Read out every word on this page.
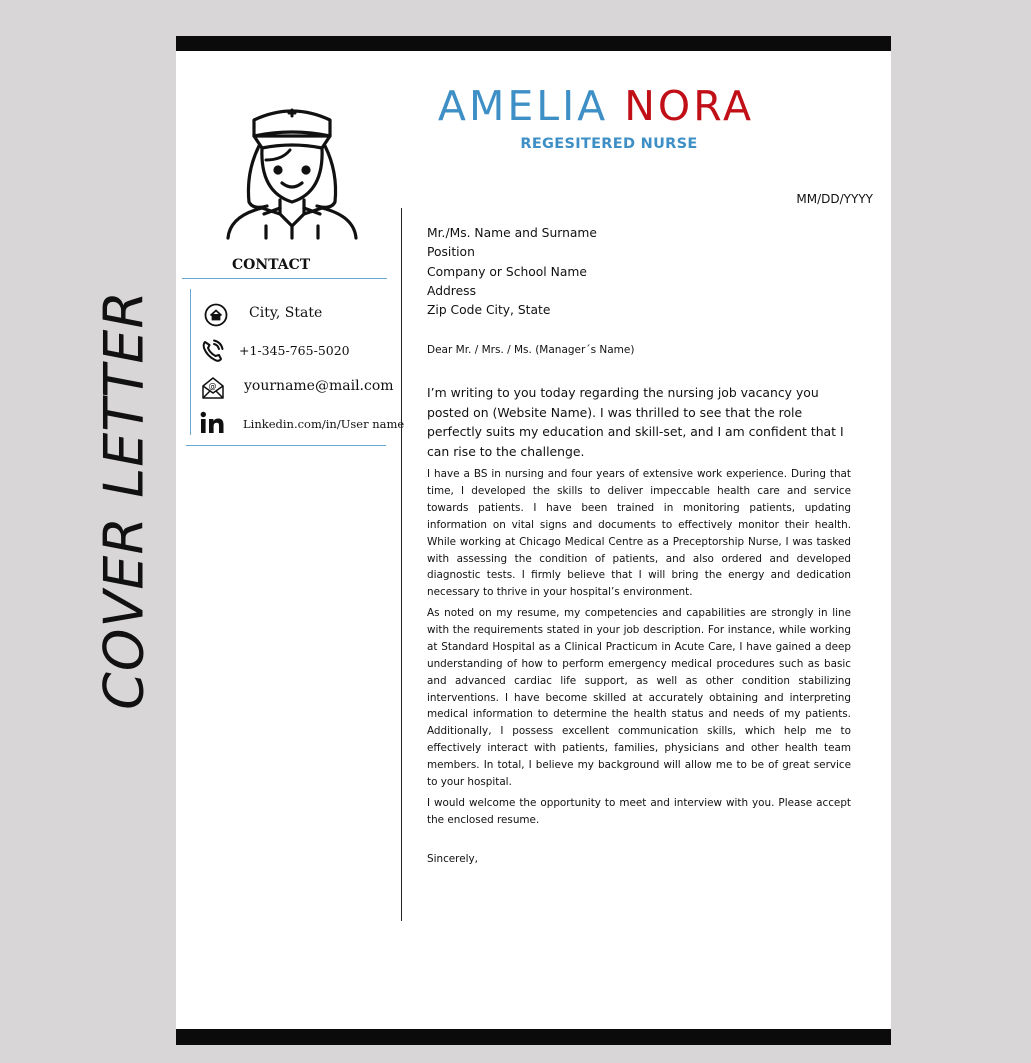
COVER LETTER
AMELIA NORA
REGESITERED NURSE
CONTACT
City, State
+1-345-765-5020
@ yourname@mail.com
Linkedin.com/in/User name
MM/DD/YYYY
Mr./Ms. Name and Surname
Position
Company or School Name
Address
Zip Code City, State
Dear Mr. / Mrs. / Ms. (Manager´s Name)

I’m writing to you today regarding the nursing job vacancy you posted on (Website Name). I was thrilled to see that the role perfectly suits my education and skill-set, and I am confident that I can rise to the challenge.

I have a BS in nursing and four years of extensive work experience. During that time, I developed the skills to deliver impeccable health care and service towards patients. I have been trained in monitoring patients, updating information on vital signs and documents to effectively monitor their health. While working at Chicago Medical Centre as a Preceptorship Nurse, I was tasked with assessing the condition of patients, and also ordered and developed diagnostic tests. I firmly believe that I will bring the energy and dedication necessary to thrive in your hospital’s environment.

As noted on my resume, my competencies and capabilities are strongly in line with the requirements stated in your job description. For instance, while working at Standard Hospital as a Clinical Practicum in Acute Care, I have gained a deep understanding of how to perform emergency medical procedures such as basic and advanced cardiac life support, as well as other condition stabilizing interventions. I have become skilled at accurately obtaining and interpreting medical information to determine the health status and needs of my patients. Additionally, I possess excellent communication skills, which help me to effectively interact with patients, families, physicians and other health team members. In total, I believe my background will allow me to be of great service to your hospital.

I would welcome the opportunity to meet and interview with you. Please accept the enclosed resume.

Sincerely,
